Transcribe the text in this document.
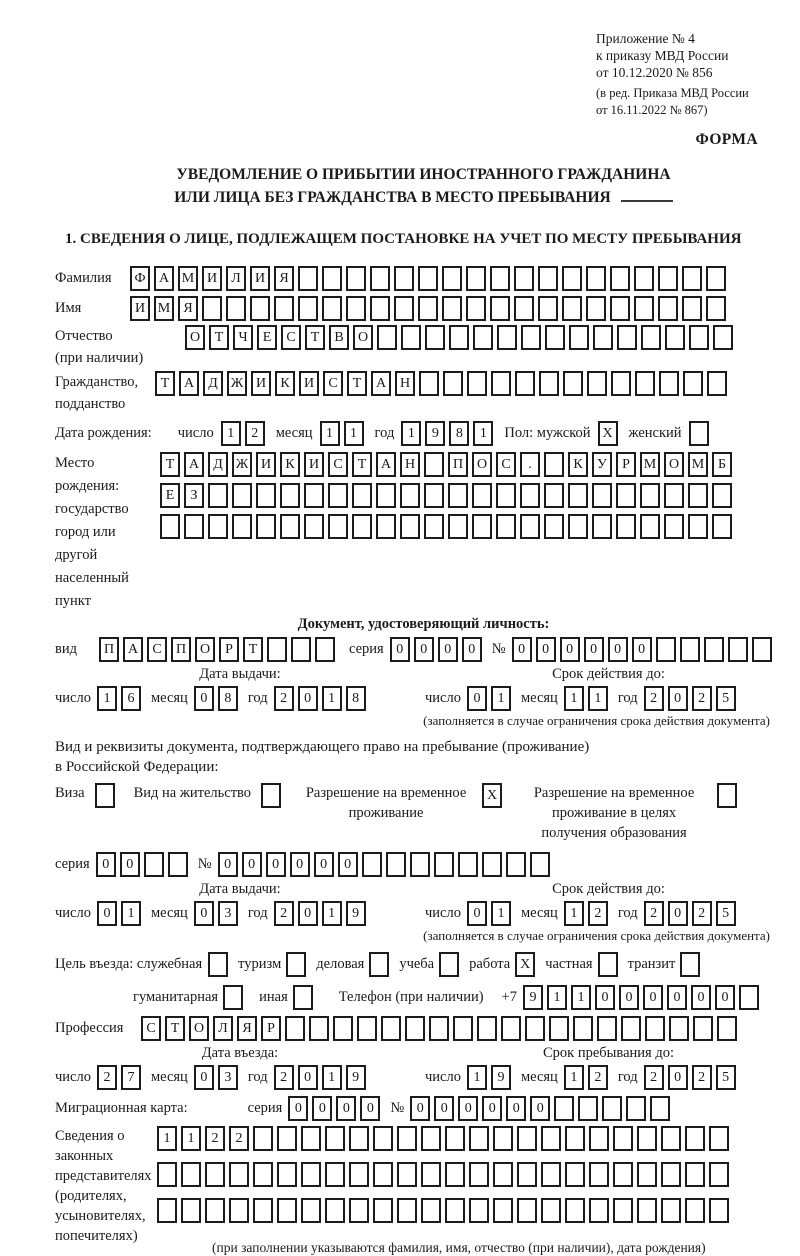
Приложение № 4
к приказу МВД России
от 10.12.2020 № 856
(в ред. Приказа МВД России
от 16.11.2022 № 867)
ФОРМА
УВЕДОМЛЕНИЕ О ПРИБЫТИИ ИНОСТРАННОГО ГРАЖДАНИНА
ИЛИ ЛИЦА БЕЗ ГРАЖДАНСТВА В МЕСТО ПРЕБЫВАНИЯ
1. СВЕДЕНИЯ О ЛИЦЕ, ПОДЛЕЖАЩЕМ ПОСТАНОВКЕ НА УЧЕТ ПО МЕСТУ ПРЕБЫВАНИЯ
Фамилия	Ф А М И	Л	И	Я
Имя	И М Я
Отчество
(при наличии)
О	Т	Ч	Е	С	Т	В	О
Гражданство,
подданство
Т	А	Д Ж И	К	И	С	Т	А Н
Дата рождения: число 1	2	месяц 1	1	год 1	9	8	1	Пол: мужской X	женский
Место рождения:
государство
город или другой
населенный пункт
Т	А	Д Ж И	К	И	С	Т	А Н	П О	С	.	К	У	Р М О М Б

Е	З

Документ, удостоверяющий личность:
вид	П А	С	П О	Р	Т	серия 0	0	0	0	№ 0	0	0	0	0	0
Дата выдачи:
число 1	6	месяц 0	8	год 2	0	1	8
Срок действия до:
число 0	1	месяц 1	1	год 2	0	2	5
(заполняется в случае ограничения срока действия документа)
Вид и реквизиты документа, подтверждающего право на пребывание (проживание)
в Российской Федерации:
Виза	Вид на жительство	Разрешение на временное проживание
X	Разрешение на временное проживание в целях получения образования
серия 0	0	№ 0	0	0	0	0	0
Дата выдачи:
число 0	1	месяц 0	3	год 2	0	1	9
Срок действия до:
число 0	1	месяц 1	2	год 2	0	2	5
(заполняется в случае ограничения срока действия документа)
Цель въезда: служебная туризм деловая учеба работа X	частная транзит
гуманитарная	иная	Телефон (при наличии) +7 9	1	1	0	0	0	0	0	0
Профессия	С	Т	О	Л	Я	Р
Дата въезда:
число 2	7	месяц 0	3	год 2	0	1	9
Срок пребывания до:
число 1	9	месяц 1	2	год 2	0	2	5
Миграционная карта:	серия 0	0	0	0	№ 0	0	0	0	0	0
Сведения о
законных
представителях
(родителях,
усыновителях,
попечителях)
1	1	2	2

(при заполнении указываются фамилия, имя, отчество (при наличии), дата рождения)
